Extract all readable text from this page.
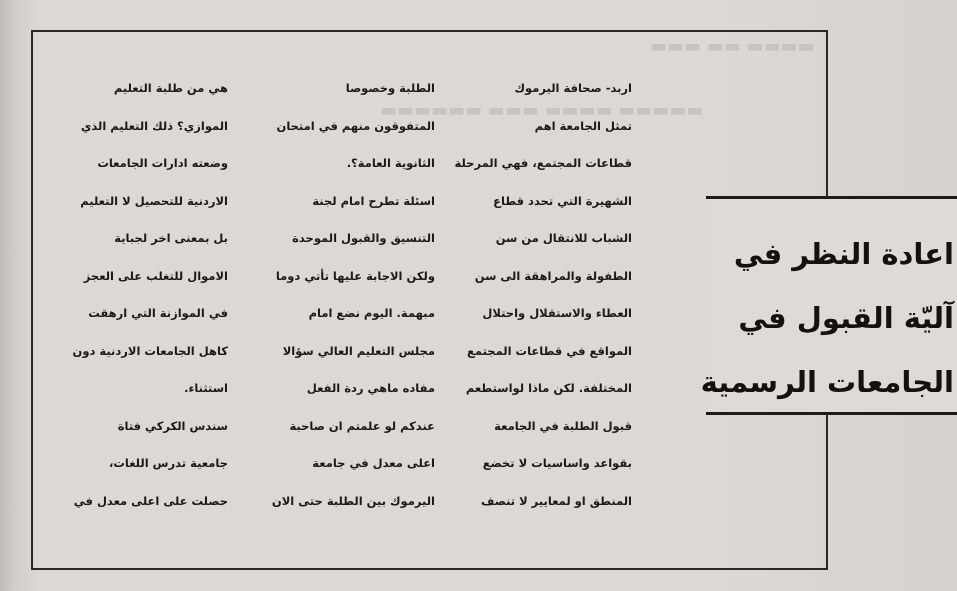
▬▬▬▬ ▬▬ ▬▬▬
▬▬▬▬▬ ▬▬▬▬ ▬▬▬ ▬▬▬▬▬▬
اعادة النظر في
آليّة القبول في
الجامعات الرسمية
اربد- صحافة اليرموك
تمثل الجامعة اهم
قطاعات المجتمع، فهي المرحلة
الشهيرة التي تحدد قطاع
الشباب للانتقال من سن
الطفولة والمراهقة الى سن
العطاء والاستقلال واحتلال
المواقع في قطاعات المجتمع
المختلفة. لكن ماذا لواستطعم
قبول الطلبة في الجامعة
بقواعد واساسيات لا تخضع
المنطق او لمعايير لا تنصف
الطلبة وخصوصا
المتفوقون منهم في امتحان
الثانوية العامة؟.
اسئلة تطرح امام لجنة
التنسيق والقبول الموحدة
ولكن الاجابة عليها تأتي دوما
مبهمة. اليوم نضع امام
مجلس التعليم العالي سؤالا
مفاده ماهي ردة الفعل
عندكم لو علمتم ان صاحبة
اعلى معدل في جامعة
اليرموك بين الطلبة حتى الان
هي من طلبة التعليم
الموازي؟ ذلك التعليم الذي
وضعته ادارات الجامعات
الاردنية للتحصيل لا التعليم
بل بمعنى اخر لجباية
الاموال للتغلب على العجز
في الموازنة التي ارهقت
كاهل الجامعات الاردنية دون
استثناء.
سندس الكركي فتاة
جامعية تدرس اللغات،
حصلت على اعلى معدل في
